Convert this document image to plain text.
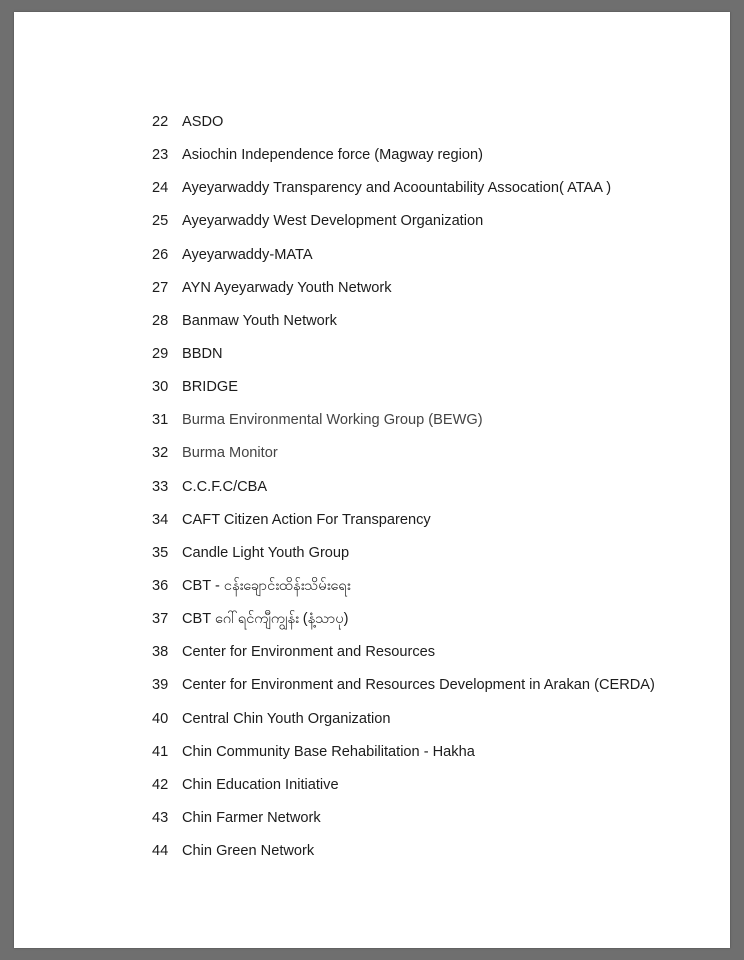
22 ASDO
23 Asiochin Independence force (Magway region)
24 Ayeyarwaddy Transparency and Acoountability Assocation( ATAA )
25 Ayeyarwaddy West Development Organization
26 Ayeyarwaddy-MATA
27 AYN Ayeyarwady Youth Network
28 Banmaw Youth Network
29 BBDN
30 BRIDGE
31 Burma Environmental Working Group (BEWG)
32 Burma Monitor
33 C.C.F.C/CBA
34 CAFT Citizen Action For Transparency
35 Candle Light Youth Group
36 CBT - ငန်းချောင်းထိန်းသိမ်းရေး
37 CBT ဂေါ်ရင်ကျီကျွန်း (နံ့သာပု)
38 Center for Environment and Resources
39 Center for Environment and Resources Development in Arakan (CERDA)
40 Central Chin Youth Organization
41 Chin Community Base Rehabilitation - Hakha
42 Chin Education Initiative
43 Chin Farmer Network
44 Chin Green Network
